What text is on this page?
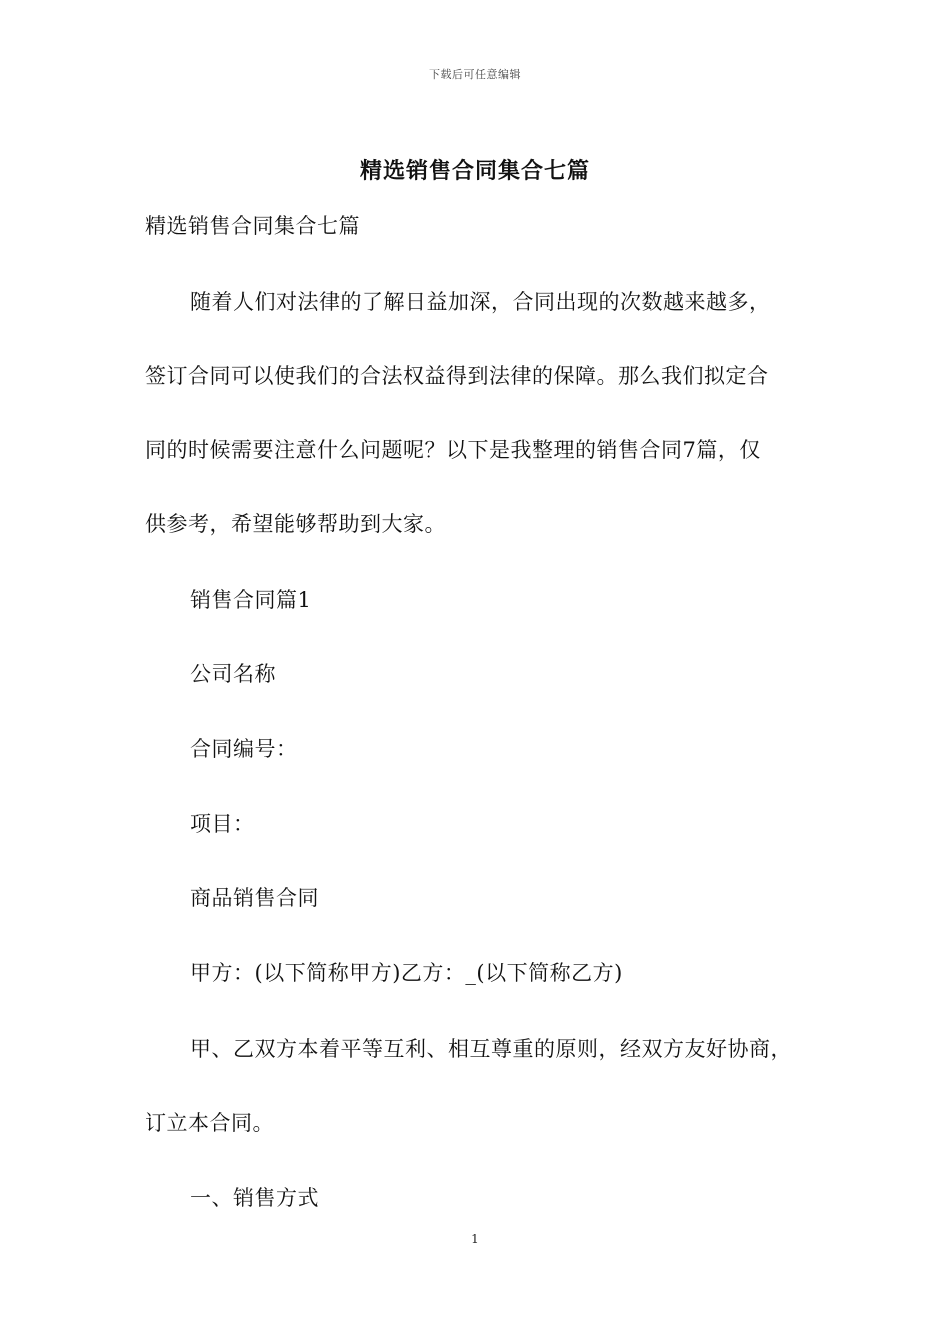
下载后可任意编辑
精选销售合同集合七篇
精选销售合同集合七篇
随着人们对法律的了解日益加深，合同出现的次数越来越多，
签订合同可以使我们的合法权益得到法律的保障。那么我们拟定合
同的时候需要注意什么问题呢？以下是我整理的销售合同7篇，仅
供参考，希望能够帮助到大家。
销售合同篇1
公司名称
合同编号：
项目：
商品销售合同
甲方：(以下简称甲方)乙方：_(以下简称乙方)
甲、乙双方本着平等互利、相互尊重的原则，经双方友好协商，
订立本合同。
一、销售方式
1
